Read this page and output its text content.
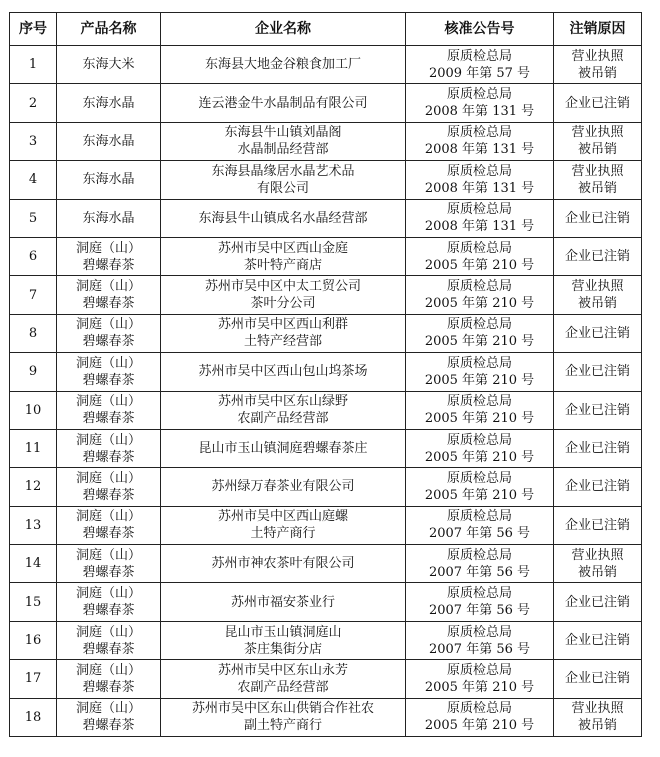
序号	产品名称	企业名称	核准公告号	注销原因

1	东海大米	东海县大地金谷粮食加工厂	原质检总局
2009 年第 57 号	营业执照
被吊销

2	东海水晶	连云港金牛水晶制品有限公司	原质检总局
2008 年第 131 号	企业已注销

3	东海水晶	东海县牛山镇刘晶阁
水晶制品经营部	原质检总局
2008 年第 131 号	营业执照
被吊销

4	东海水晶	东海县晶缘居水晶艺术品
有限公司	原质检总局
2008 年第 131 号	营业执照
被吊销

5	东海水晶	东海县牛山镇成名水晶经营部	原质检总局
2008 年第 131 号	企业已注销

6	洞庭（山）
碧螺春茶	苏州市吴中区西山金庭
茶叶特产商店	原质检总局
2005 年第 210 号	企业已注销

7	洞庭（山）
碧螺春茶	苏州市吴中区中太工贸公司
茶叶分公司	原质检总局
2005 年第 210 号	营业执照
被吊销

8	洞庭（山）
碧螺春茶	苏州市吴中区西山利群
土特产经营部	原质检总局
2005 年第 210 号	企业已注销

9	洞庭（山）
碧螺春茶	苏州市吴中区西山包山坞茶场	原质检总局
2005 年第 210 号	企业已注销

10	洞庭（山）
碧螺春茶	苏州市吴中区东山绿野
农副产品经营部	原质检总局
2005 年第 210 号	企业已注销

11	洞庭（山）
碧螺春茶	昆山市玉山镇洞庭碧螺春茶庄	原质检总局
2005 年第 210 号	企业已注销

12	洞庭（山）
碧螺春茶	苏州绿万春茶业有限公司	原质检总局
2005 年第 210 号	企业已注销

13	洞庭（山）
碧螺春茶	苏州市吴中区西山庭螺
土特产商行	原质检总局
2007 年第 56 号	企业已注销

14	洞庭（山）
碧螺春茶	苏州市神农茶叶有限公司	原质检总局
2007 年第 56 号	营业执照
被吊销

15	洞庭（山）
碧螺春茶	苏州市福安茶业行	原质检总局
2007 年第 56 号	企业已注销

16	洞庭（山）
碧螺春茶	昆山市玉山镇洞庭山
茶庄集街分店	原质检总局
2007 年第 56 号	企业已注销

17	洞庭（山）
碧螺春茶	苏州市吴中区东山永芳
农副产品经营部	原质检总局
2005 年第 210 号	企业已注销

18	洞庭（山）
碧螺春茶	苏州市吴中区东山供销合作社农
副土特产商行	原质检总局
2005 年第 210 号	营业执照
被吊销
